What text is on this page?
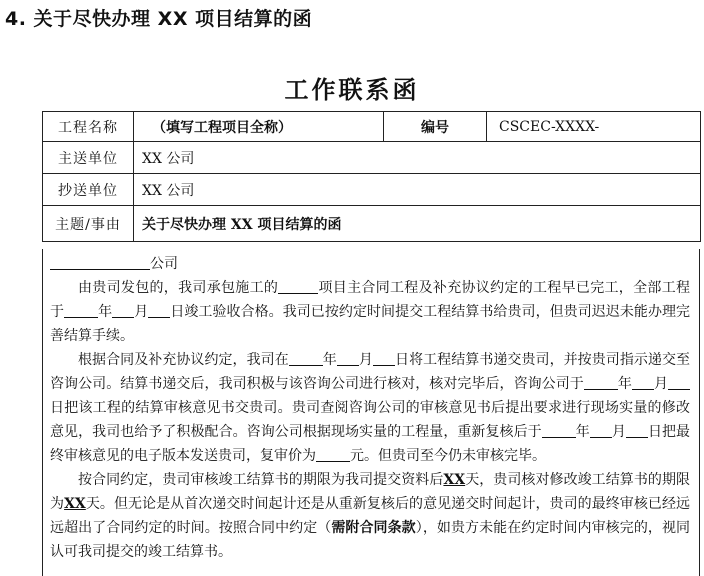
4. 关于尽快办理 XX 项目结算的函
工作联系函
工程名称	（填写工程项目全称）	编号	CSCEC-XXXX-
主送单位	XX 公司		
抄送单位	XX 公司		
主题/事由	关于尽快办理 XX 项目结算的函		
公司
由贵司发包的，我司承包施工的	项目主合同工程及补充协议约定的工程早已完工，全部工程于 年 月 日竣工验收合格。我司已按约定时间提交工程结算书给贵司，但贵司迟迟未能办理完善结算手续。
根据合同及补充协议约定，我司在 年 月 日将工程结算书递交贵司，并按贵司指示递交至咨询公司。结算书递交后，我司积极与该咨询公司进行核对，核对完毕后，咨询公司于 年 月日把该工程的结算审核意见书交贵司。贵司查阅咨询公司的审核意见书后提出要求进行现场实量的修改意见，我司也给予了积极配合。咨询公司根据现场实量的工程量，重新复核后于 年 月 日把最终审核意见的电子版本发送贵司，复审价为 元。但贵司至今仍未审核完毕。
按合同约定，贵司审核竣工结算书的期限为我司提交资料后XX天，贵司核对修改竣工结算书的期限为XX天。但无论是从首次递交时间起计还是从重新复核后的意见递交时间起计，贵司的最终审核已经远远超出了合同约定的时间。按照合同中约定（需附合同条款），如贵方未能在约定时间内审核完的，视同认可我司提交的竣工结算书。
